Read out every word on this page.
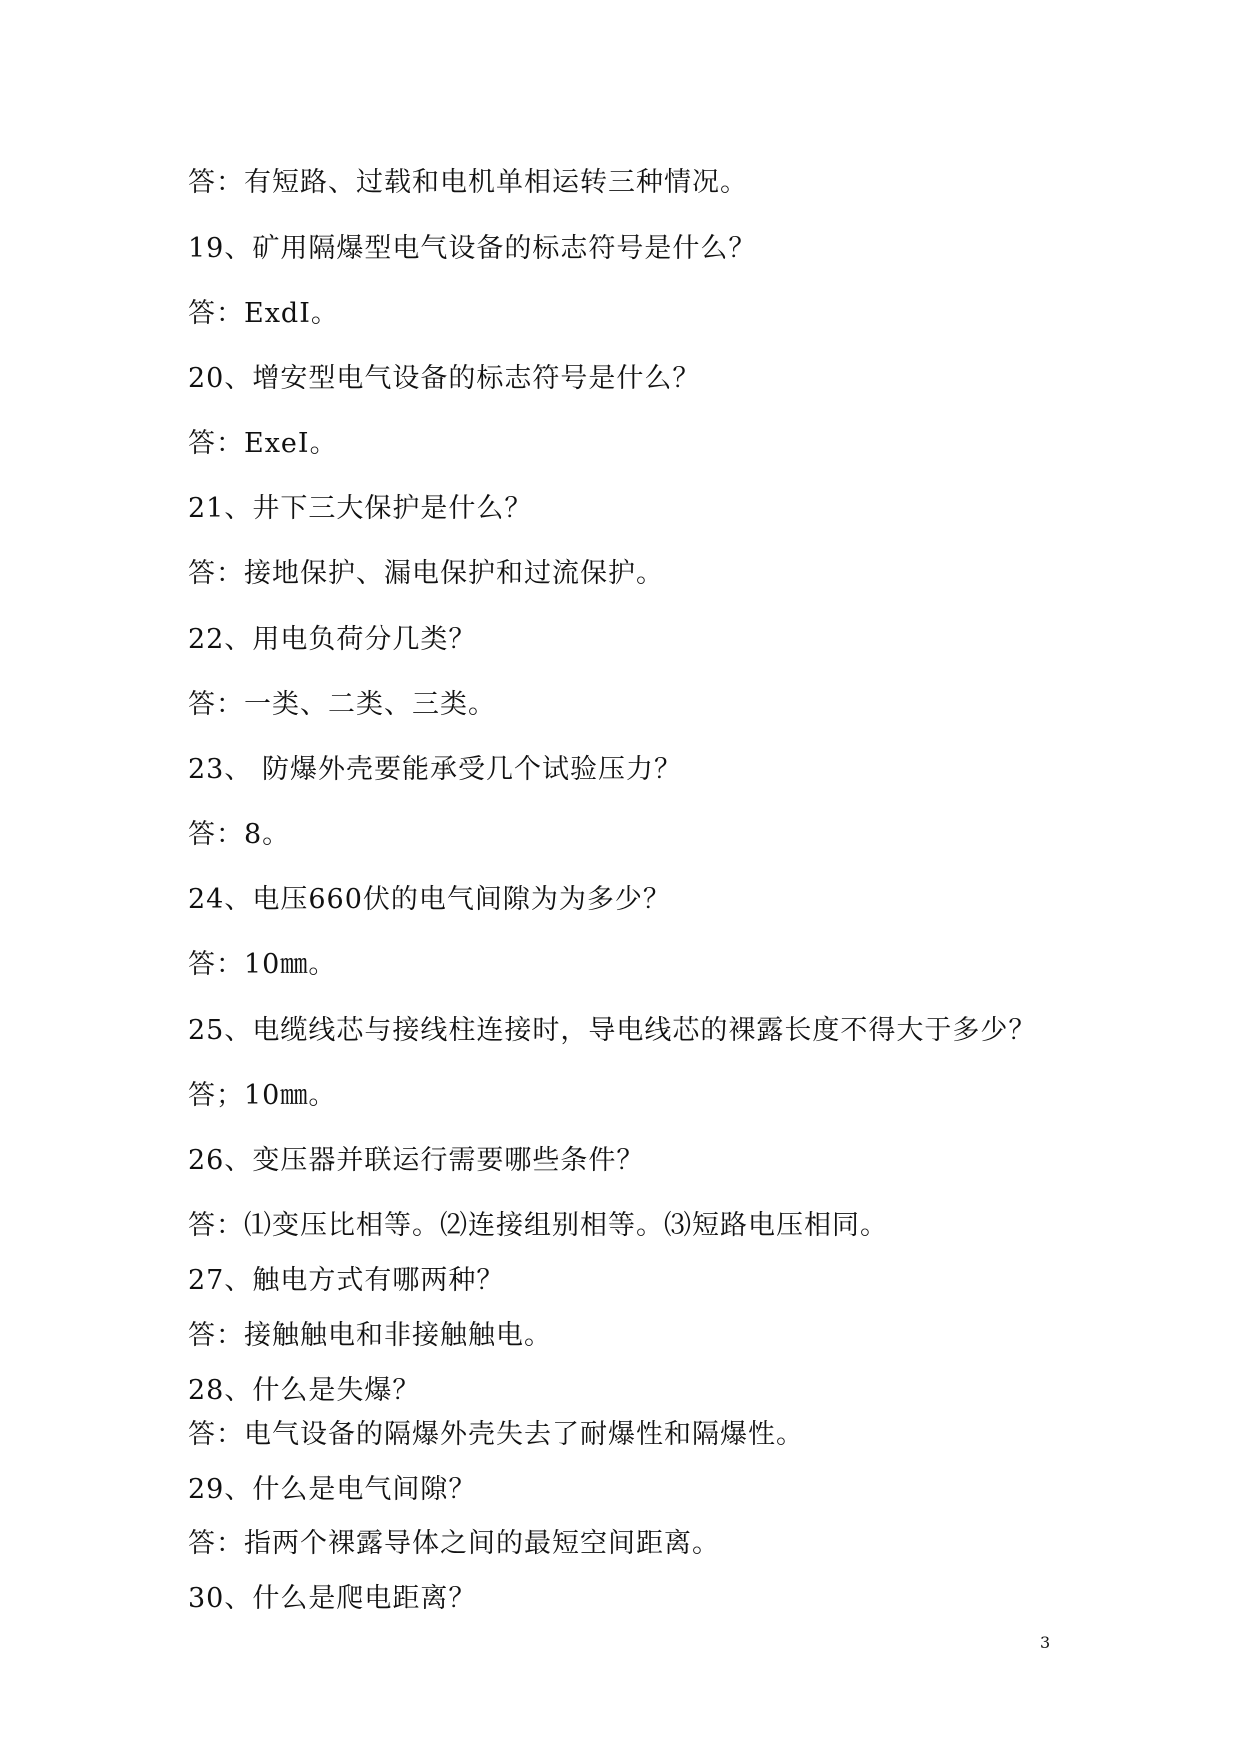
答：有短路、过载和电机单相运转三种情况。
19、矿用隔爆型电气设备的标志符号是什么？
答：ExdI。
20、增安型电气设备的标志符号是什么？
答：ExeI。
21、井下三大保护是什么？
答：接地保护、漏电保护和过流保护。
22、用电负荷分几类？
答：一类、二类、三类。
23、 防爆外壳要能承受几个试验压力？
答：8。
24、电压660伏的电气间隙为为多少？
答：10㎜。
25、电缆线芯与接线柱连接时，导电线芯的裸露长度不得大于多少？
答；10㎜。
26、变压器并联运行需要哪些条件？
答：⑴变压比相等。⑵连接组别相等。⑶短路电压相同。
27、触电方式有哪两种？
答：接触触电和非接触触电。
28、什么是失爆？
答：电气设备的隔爆外壳失去了耐爆性和隔爆性。
29、什么是电气间隙？
答：指两个裸露导体之间的最短空间距离。
30、什么是爬电距离？
3
